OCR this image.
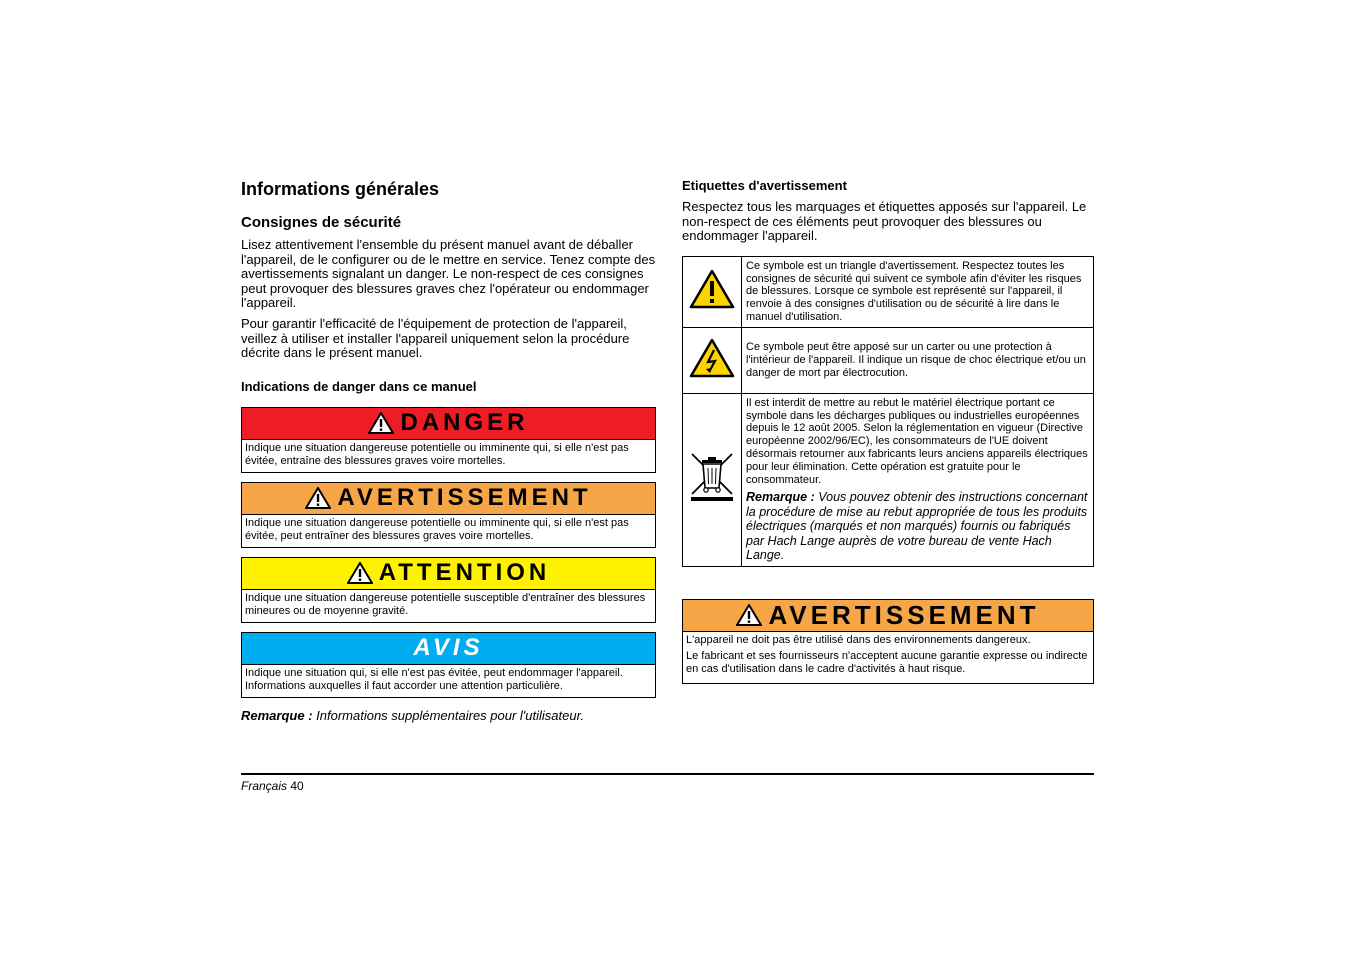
Informations générales
Consignes de sécurité

Lisez attentivement l'ensemble du présent manuel avant de déballer l'appareil, de le configurer ou de le mettre en service. Tenez compte des avertissements signalant un danger. Le non-respect de ces consignes peut provoquer des blessures graves chez l'opérateur ou endommager l'appareil.

Pour garantir l'efficacité de l'équipement de protection de l'appareil, veillez à utiliser et installer l'appareil uniquement selon la procédure décrite dans le présent manuel.

Indications de danger dans ce manuel
DANGER
Indique une situation dangereuse potentielle ou imminente qui, si elle n'est pas évitée, entraîne des blessures graves voire mortelles.
AVERTISSEMENT
Indique une situation dangereuse potentielle ou imminente qui, si elle n'est pas évitée, peut entraîner des blessures graves voire mortelles.
ATTENTION
Indique une situation dangereuse potentielle susceptible d'entraîner des blessures mineures ou de moyenne gravité.
AVIS
Indique une situation qui, si elle n'est pas évitée, peut endommager l'appareil. Informations auxquelles il faut accorder une attention particulière.
Remarque : Informations supplémentaires pour l'utilisateur.
Etiquettes d'avertissement

Respectez tous les marquages et étiquettes apposés sur l'appareil. Le non-respect de ces éléments peut provoquer des blessures ou endommager l'appareil.

	Ce symbole est un triangle d'avertissement. Respectez toutes les consignes de sécurité qui suivent ce symbole afin d'éviter les risques de blessures. Lorsque ce symbole est représenté sur l'appareil, il renvoie à des consignes d'utilisation ou de sécurité à lire dans le manuel d'utilisation.
	Ce symbole peut être apposé sur un carter ou une protection à l'intérieur de l'appareil. Il indique un risque de choc électrique et/ou un danger de mort par électrocution.

Il est interdit de mettre au rebut le matériel électrique portant ce symbole dans les décharges publiques ou industrielles européennes depuis le 12 août 2005. Selon la réglementation en vigueur (Directive européenne 2002/96/EC), les consommateurs de l'UE doivent désormais retourner aux fabricants leurs anciens appareils électriques pour leur élimination. Cette opération est gratuite pour le consommateur.
Remarque : Vous pouvez obtenir des instructions concernant la procédure de mise au rebut appropriée de tous les produits électriques (marqués et non marqués) fournis ou fabriqués par Hach Lange auprès de votre bureau de vente Hach Lange.
AVERTISSEMENT

L'appareil ne doit pas être utilisé dans des environnements dangereux.

Le fabricant et ses fournisseurs n'acceptent aucune garantie expresse ou indirecte en cas d'utilisation dans le cadre d'activités à haut risque.

Français 40
